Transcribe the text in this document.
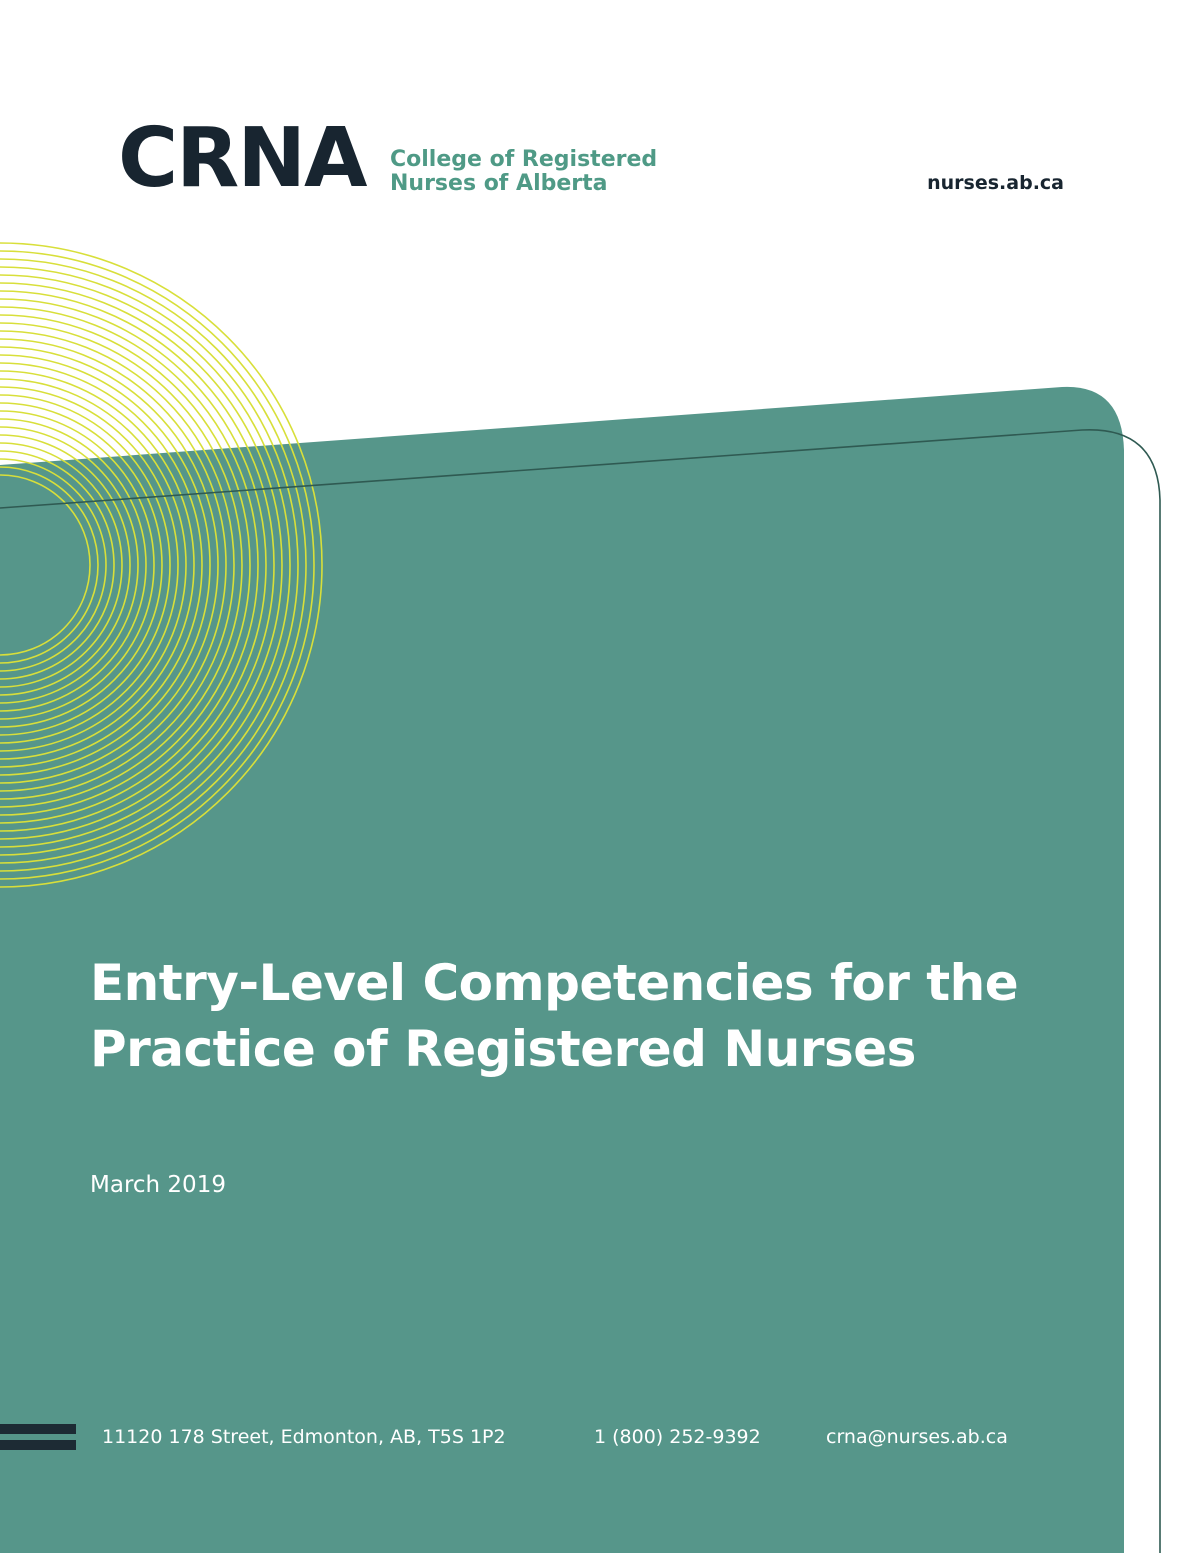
CRNA College of Registered
Nurses of Alberta	nurses.ab.ca
Entry-Level Competencies for the
Practice of Registered Nurses
March 2019
11120 178 Street, Edmonton, AB, T5S 1P2	1 (800) 252-9392	crna@nurses.ab.ca
